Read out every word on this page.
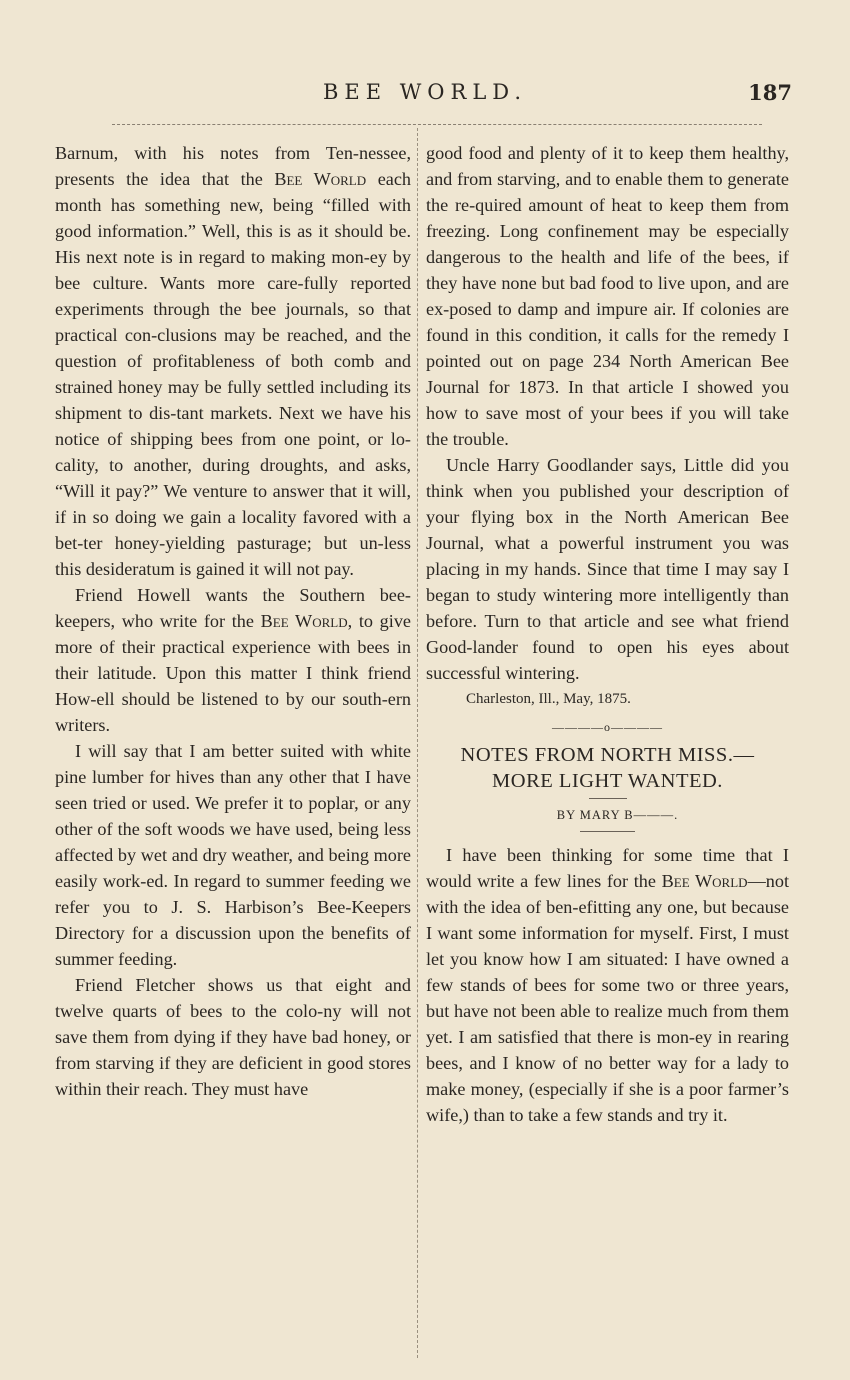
BEE WORLD.	187

Barnum, with his notes from Ten-nessee, presents the idea that the Bee World each month has something new, being “filled with good information.” Well, this is as it should be. His next note is in regard to making mon-ey by bee culture. Wants more care-fully reported experiments through the bee journals, so that practical con-clusions may be reached, and the question of profitableness of both comb and strained honey may be fully settled including its shipment to dis-tant markets. Next we have his notice of shipping bees from one point, or lo-cality, to another, during droughts, and asks, “Will it pay?” We venture to answer that it will, if in so doing we gain a locality favored with a bet-ter honey-yielding pasturage; but un-less this desideratum is gained it will not pay.

Friend Howell wants the Southern bee-keepers, who write for the Bee World, to give more of their practical experience with bees in their latitude. Upon this matter I think friend How-ell should be listened to by our south-ern writers.

I will say that I am better suited with white pine lumber for hives than any other that I have seen tried or used. We prefer it to poplar, or any other of the soft woods we have used, being less affected by wet and dry weather, and being more easily work-ed. In regard to summer feeding we refer you to J. S. Harbison’s Bee-Keepers Directory for a discussion upon the benefits of summer feeding.

Friend Fletcher shows us that eight and twelve quarts of bees to the colo-ny will not save them from dying if they have bad honey, or from starving if they are deficient in good stores within their reach. They must have

good food and plenty of it to keep them healthy, and from starving, and to enable them to generate the re-quired amount of heat to keep them from freezing. Long confinement may be especially dangerous to the health and life of the bees, if they have none but bad food to live upon, and are ex-posed to damp and impure air. If colonies are found in this condition, it calls for the remedy I pointed out on page 234 North American Bee Journal for 1873. In that article I showed you how to save most of your bees if you will take the trouble.

Uncle Harry Goodlander says, Little did you think when you published your description of your flying box in the North American Bee Journal, what a powerful instrument you was placing in my hands. Since that time I may say I began to study wintering more intelligently than before. Turn to that article and see what friend Good-lander found to open his eyes about successful wintering.

Charleston, Ill., May, 1875.

————o————
NOTES FROM NORTH MISS.—
MORE LIGHT WANTED.

BY MARY B———.

I have been thinking for some time that I would write a few lines for the Bee World—not with the idea of ben-efitting any one, but because I want some information for myself. First, I must let you know how I am situated: I have owned a few stands of bees for some two or three years, but have not been able to realize much from them yet. I am satisfied that there is mon-ey in rearing bees, and I know of no better way for a lady to make money, (especially if she is a poor farmer’s wife,) than to take a few stands and try it.
